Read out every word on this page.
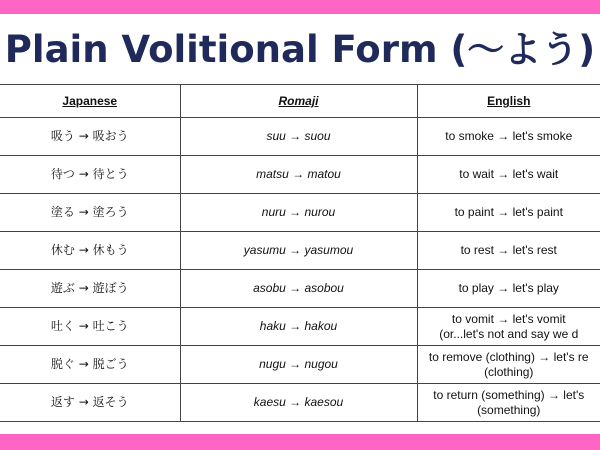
Plain Volitional Form (〜よう)
Japanese	Romaji	English
吸う → 吸おう	suu → suou	to smoke → let's smoke

待つ → 待とう	matsu → matou	to wait → let's wait

塗る → 塗ろう	nuru → nurou	to paint → let's paint

休む → 休もう	yasumu → yasumou	to rest → let's rest

遊ぶ → 遊ぼう	asobu → asobou	to play → let's play

吐く → 吐こう	haku → hakou	to vomit → let's vomit
(or...let's not and say we d

脱ぐ → 脱ごう	nugu → nugou	to remove (clothing) → let's re
(clothing)

返す → 返そう	kaesu → kaesou	to return (something) → let's
(something)
